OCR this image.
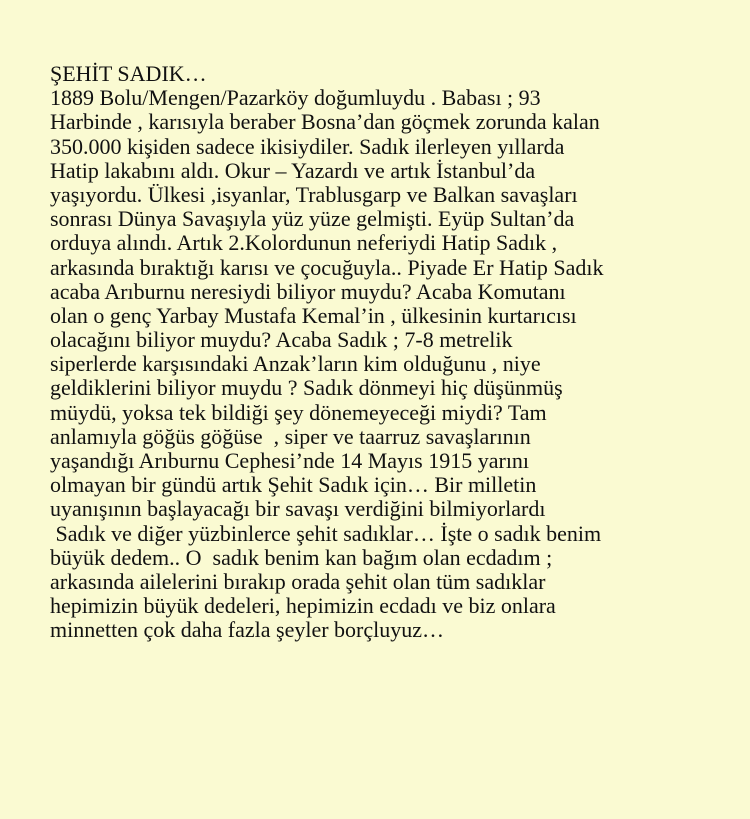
ŞEHİT SADIK…
1889 Bolu/Mengen/Pazarköy doğumluydu . Babası ; 93
Harbinde , karısıyla beraber Bosna’dan göçmek zorunda kalan
350.000 kişiden sadece ikisiydiler. Sadık ilerleyen yıllarda
Hatip lakabını aldı. Okur – Yazardı ve artık İstanbul’da
yaşıyordu. Ülkesi ,isyanlar, Trablusgarp ve Balkan savaşları
sonrası Dünya Savaşıyla yüz yüze gelmişti. Eyüp Sultan’da
orduya alındı. Artık 2.Kolordunun neferiydi Hatip Sadık ,
arkasında bıraktığı karısı ve çocuğuyla.. Piyade Er Hatip Sadık
acaba Arıburnu neresiydi biliyor muydu? Acaba Komutanı
olan o genç Yarbay Mustafa Kemal’in , ülkesinin kurtarıcısı
olacağını biliyor muydu? Acaba Sadık ; 7-8 metrelik
siperlerde karşısındaki Anzak’ların kim olduğunu , niye
geldiklerini biliyor muydu ? Sadık dönmeyi hiç düşünmüş
müydü, yoksa tek bildiği şey dönemeyeceği miydi? Tam
anlamıyla göğüs göğüse  , siper ve taarruz savaşlarının
yaşandığı Arıburnu Cephesi’nde 14 Mayıs 1915 yarını
olmayan bir gündü artık Şehit Sadık için… Bir milletin
uyanışının başlayacağı bir savaşı verdiğini bilmiyorlardı
Sadık ve diğer yüzbinlerce şehit sadıklar… İşte o sadık benim
büyük dedem.. O  sadık benim kan bağım olan ecdadım ;
arkasında ailelerini bırakıp orada şehit olan tüm sadıklar
hepimizin büyük dedeleri, hepimizin ecdadı ve biz onlara
minnetten çok daha fazla şeyler borçluyuz…
